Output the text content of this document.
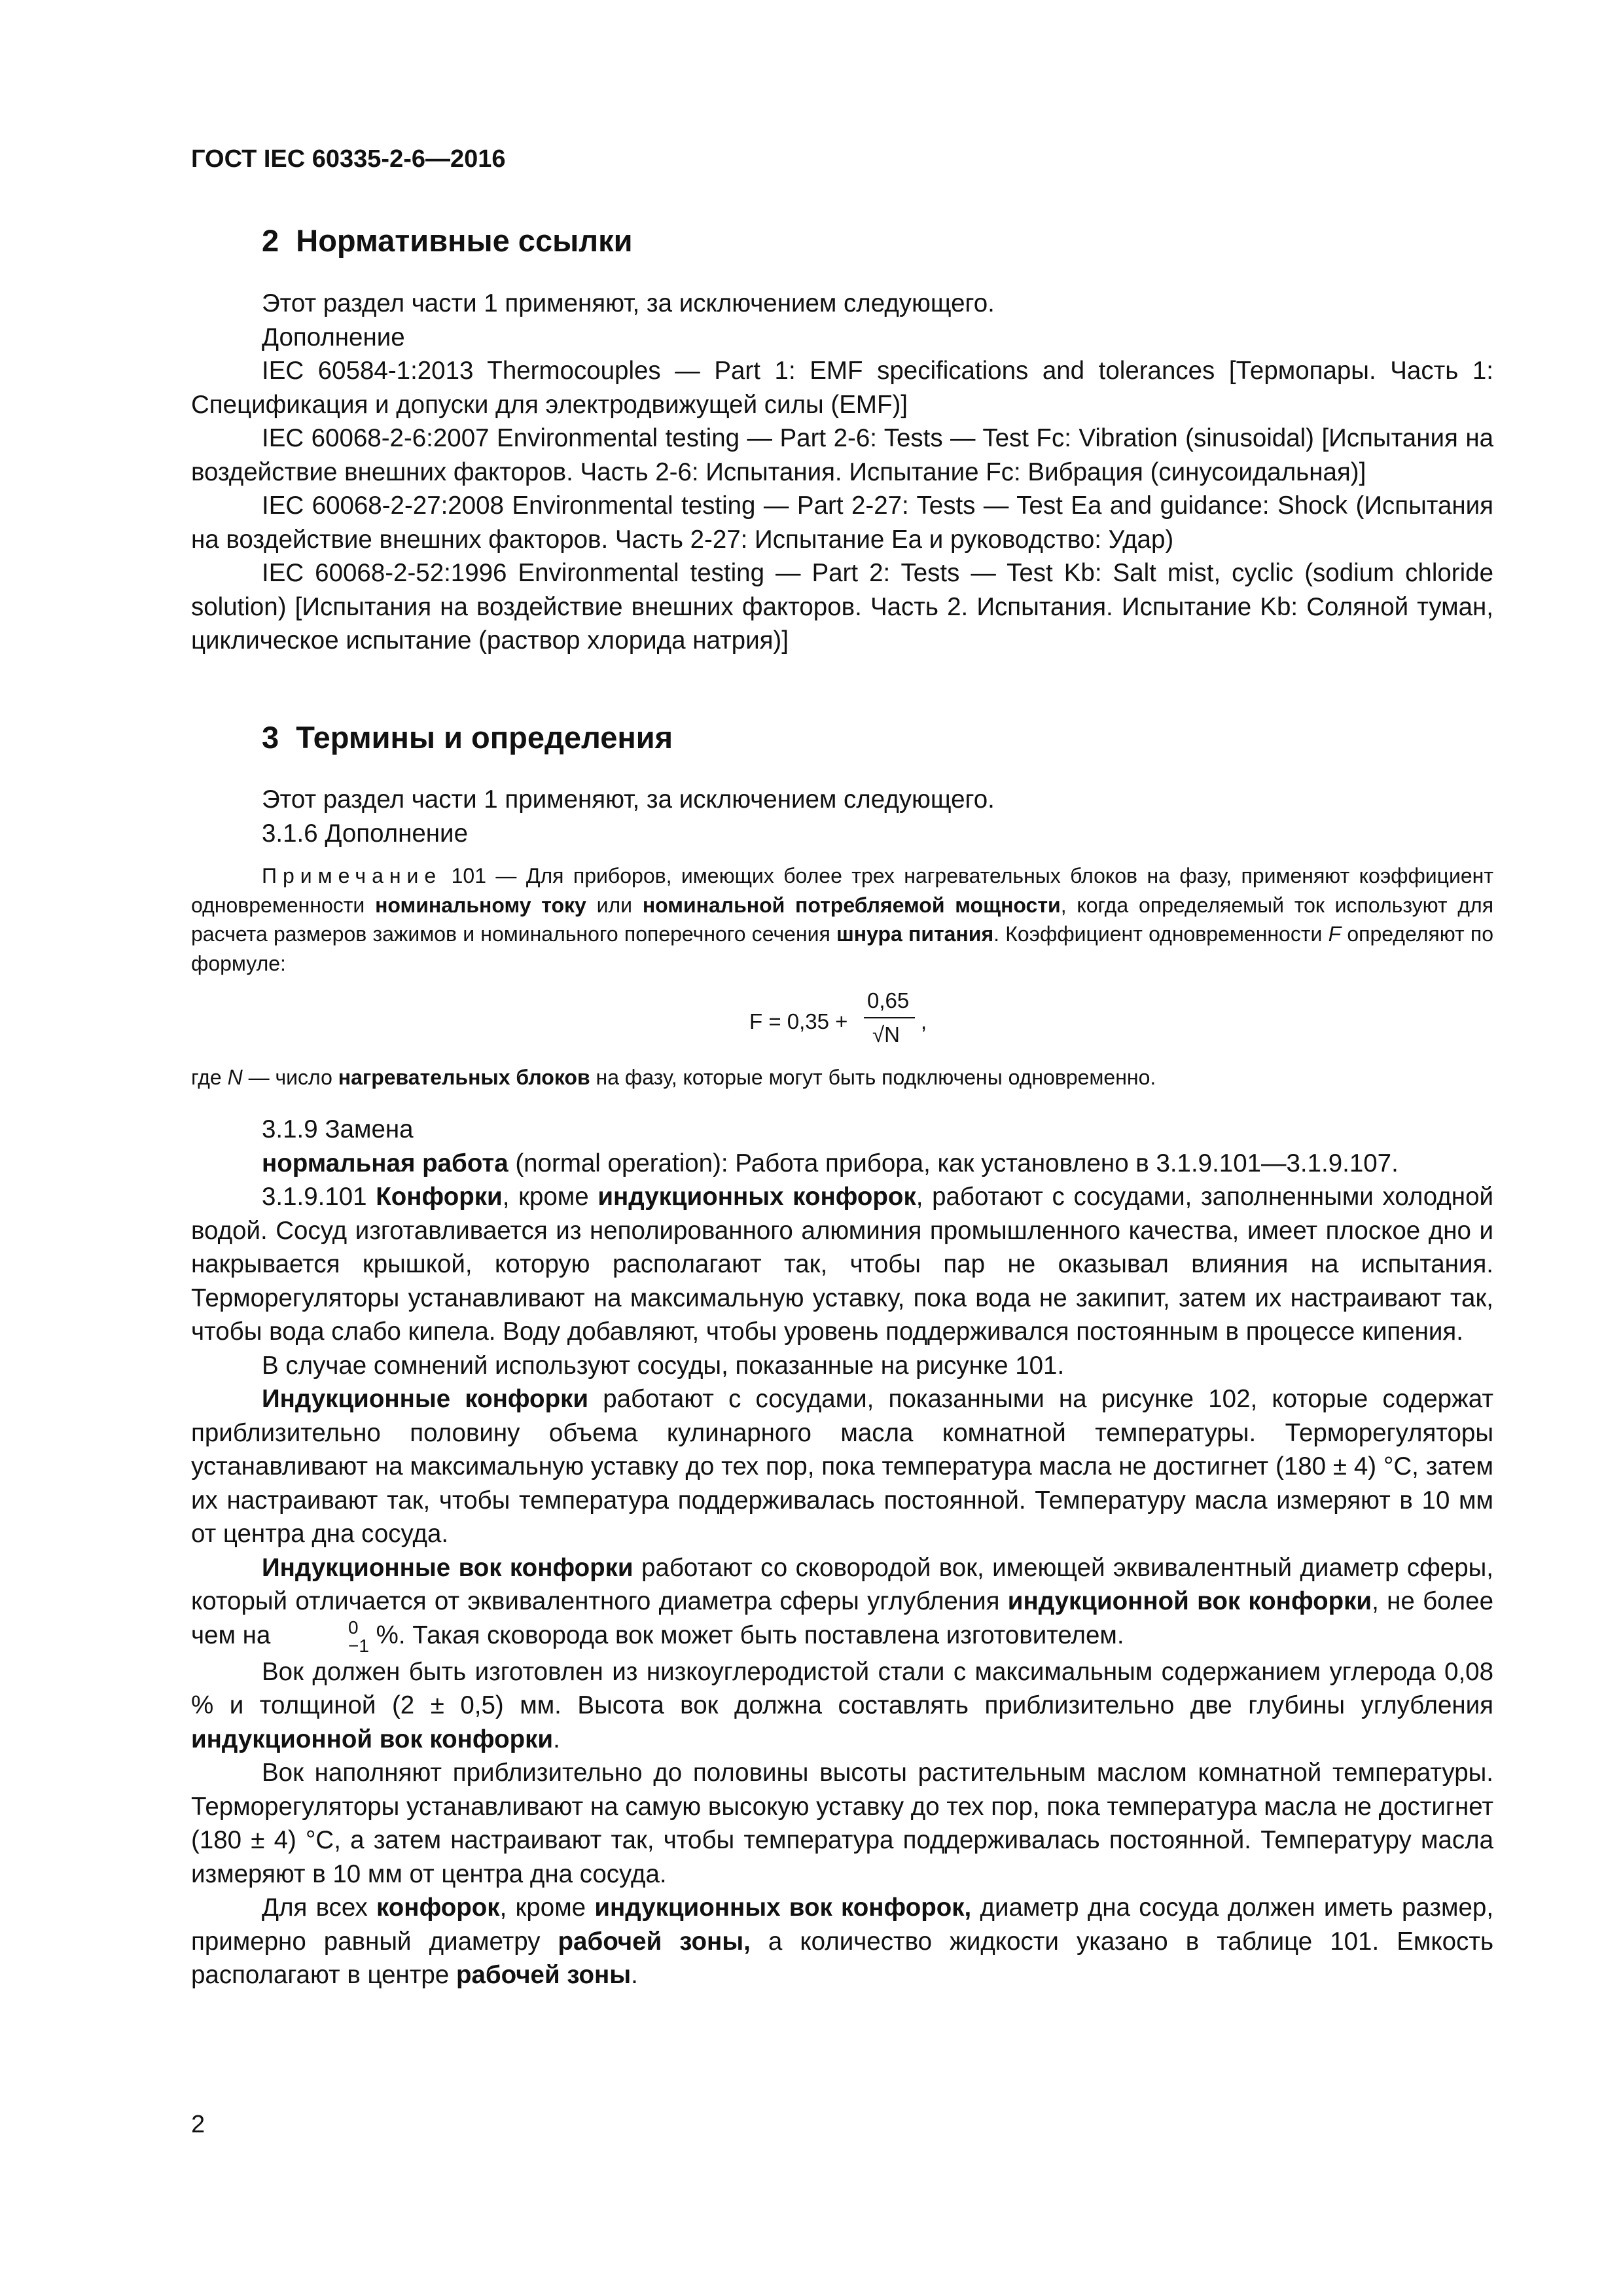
ГОСТ IEC 60335-2-6—2016
2  Нормативные ссылки

Этот раздел части 1 применяют, за исключением следующего.

Дополнение

IEC 60584-1:2013 Thermocouples — Part 1: EMF specifications and tolerances [Термопары. Часть 1: Спецификация и допуски для электродвижущей силы (EMF)]

IEC 60068-2-6:2007 Environmental testing — Part 2-6: Tests — Test Fc: Vibration (sinusoidal) [Испытания на воздействие внешних факторов. Часть 2-6: Испытания. Испытание Fc: Вибрация (синусоидальная)]

IEC 60068-2-27:2008 Environmental testing — Part 2-27: Tests — Test Ea and guidance: Shock (Испытания на воздействие внешних факторов. Часть 2-27: Испытание Ea и руководство: Удар)

IEC 60068-2-52:1996 Environmental testing — Part 2: Tests — Test Kb: Salt mist, cyclic (sodium chloride solution) [Испытания на воздействие внешних факторов. Часть 2. Испытания. Испытание Kb: Соляной туман, циклическое испытание (раствор хлорида натрия)]

3  Термины и определения

Этот раздел части 1 применяют, за исключением следующего.

3.1.6 Дополнение

Примечание 101 — Для приборов, имеющих более трех нагревательных блоков на фазу, применяют коэффициент одновременности номинальному току или номинальной потребляемой мощности, когда определяемый ток используют для расчета размеров зажимов и номинального поперечного сечения шнура питания. Коэффициент одновременности F определяют по формуле:

F = 0,35 +
0,65
√N
,
где N — число нагревательных блоков на фазу, которые могут быть подключены одновременно.

3.1.9 Замена

нормальная работа (normal operation): Работа прибора, как установлено в 3.1.9.101—3.1.9.107.

3.1.9.101 Конфорки, кроме индукционных конфорок, работают с сосудами, заполненными холодной водой. Сосуд изготавливается из неполированного алюминия промышленного качества, имеет плоское дно и накрывается крышкой, которую располагают так, чтобы пар не оказывал влияния на испытания. Терморегуляторы устанавливают на максимальную уставку, пока вода не закипит, затем их настраивают так, чтобы вода слабо кипела. Воду добавляют, чтобы уровень поддерживался постоянным в процессе кипения.

В случае сомнений используют сосуды, показанные на рисунке 101.

Индукционные конфорки работают с сосудами, показанными на рисунке 102, которые содержат приблизительно половину объема кулинарного масла комнатной температуры. Терморегуляторы устанавливают на максимальную уставку до тех пор, пока температура масла не достигнет (180 ± 4) °С, затем их настраивают так, чтобы температура поддерживалась постоянной. Температуру масла измеряют в 10 мм от центра дна сосуда.

Индукционные вок конфорки работают со сковородой вок, имеющей эквивалентный диаметр сферы, который отличается от эквивалентного диаметра сферы углубления индукционной вок конфорки, не более чем на	0
−1 %. Такая сковорода вок может быть поставлена изготовителем.

Вок должен быть изготовлен из низкоуглеродистой стали с максимальным содержанием углерода 0,08 % и толщиной (2 ± 0,5) мм. Высота вок должна составлять приблизительно две глубины углубления индукционной вок конфорки.

Вок наполняют приблизительно до половины высоты растительным маслом комнатной температуры. Терморегуляторы устанавливают на самую высокую уставку до тех пор, пока температура масла не достигнет (180 ± 4) °С, а затем настраивают так, чтобы температура поддерживалась постоянной. Температуру масла измеряют в 10 мм от центра дна сосуда.

Для всех конфорок, кроме индукционных вок конфорок, диаметр дна сосуда должен иметь размер, примерно равный диаметру рабочей зоны, а количество жидкости указано в таблице 101. Емкость располагают в центре рабочей зоны.

2
